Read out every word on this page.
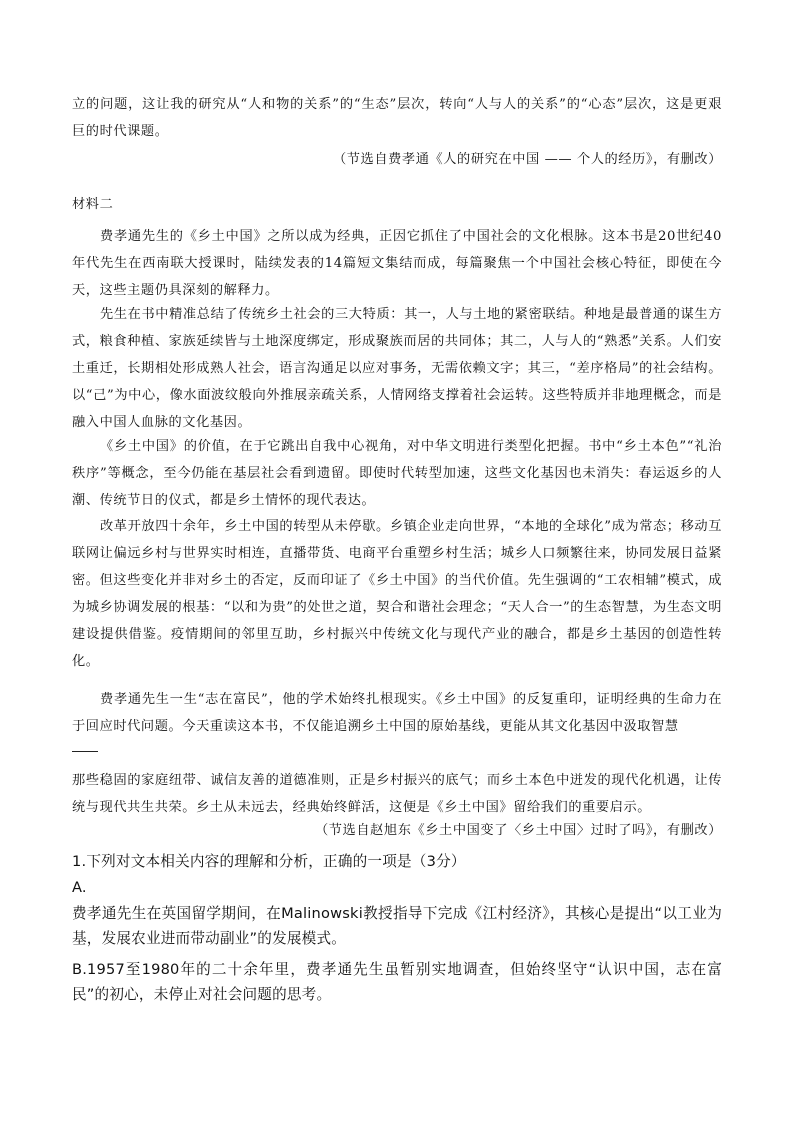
立的问题，这让我的研究从“人和物的关系”的“生态”层次，转向“人与人的关系”的“心态”层次，这是更艰巨的时代课题。

（节选自费孝通《人的研究在中国 —— 个人的经历》，有删改）
材料二

费孝通先生的《乡土中国》之所以成为经典，正因它抓住了中国社会的文化根脉。这本书是20世纪40年代先生在西南联大授课时，陆续发表的14篇短文集结而成，每篇聚焦一个中国社会核心特征，即使在今天，这些主题仍具深刻的解释力。

先生在书中精准总结了传统乡土社会的三大特质：其一，人与土地的紧密联结。种地是最普通的谋生方式，粮食种植、家族延续皆与土地深度绑定，形成聚族而居的共同体；其二，人与人的“熟悉”关系。人们安土重迁，长期相处形成熟人社会，语言沟通足以应对事务，无需依赖文字；其三，“差序格局”的社会结构。以“己”为中心，像水面波纹般向外推展亲疏关系，人情网络支撑着社会运转。这些特质并非地理概念，而是融入中国人血脉的文化基因。

《乡土中国》的价值，在于它跳出自我中心视角，对中华文明进行类型化把握。书中“乡土本色”“礼治秩序”等概念，至今仍能在基层社会看到遗留。即使时代转型加速，这些文化基因也未消失：春运返乡的人潮、传统节日的仪式，都是乡土情怀的现代表达。

改革开放四十余年，乡土中国的转型从未停歇。乡镇企业走向世界，“本地的全球化”成为常态；移动互联网让偏远乡村与世界实时相连，直播带货、电商平台重塑乡村生活；城乡人口频繁往来，协同发展日益紧密。但这些变化并非对乡土的否定，反而印证了《乡土中国》的当代价值。先生强调的“工农相辅”模式，成为城乡协调发展的根基：“以和为贵”的处世之道，契合和谐社会理念；“天人合一”的生态智慧，为生态文明建设提供借鉴。疫情期间的邻里互助，乡村振兴中传统文化与现代产业的融合，都是乡土基因的创造性转化。

费孝通先生一生“志在富民”，他的学术始终扎根现实。《乡土中国》的反复重印，证明经典的生命力在于回应时代问题。今天重读这本书，不仅能追溯乡土中国的原始基线，更能从其文化基因中汲取智慧

那些稳固的家庭纽带、诚信友善的道德准则，正是乡村振兴的底气；而乡土本色中迸发的现代化机遇，让传统与现代共生共荣。乡土从未远去，经典始终鲜活，这便是《乡土中国》留给我们的重要启示。

（节选自赵旭东《乡土中国变了〈乡土中国〉过时了吗》，有删改）
1.下列对文本相关内容的理解和分析，正确的一项是（3分）
A.

费孝通先生在英国留学期间，在Malinowski教授指导下完成《江村经济》，其核心是提出“以工业为基，发展农业进而带动副业”的发展模式。

B.1957至1980年的二十余年里，费孝通先生虽暂别实地调查，但始终坚守“认识中国，志在富民”的初心，未停止对社会问题的思考。
